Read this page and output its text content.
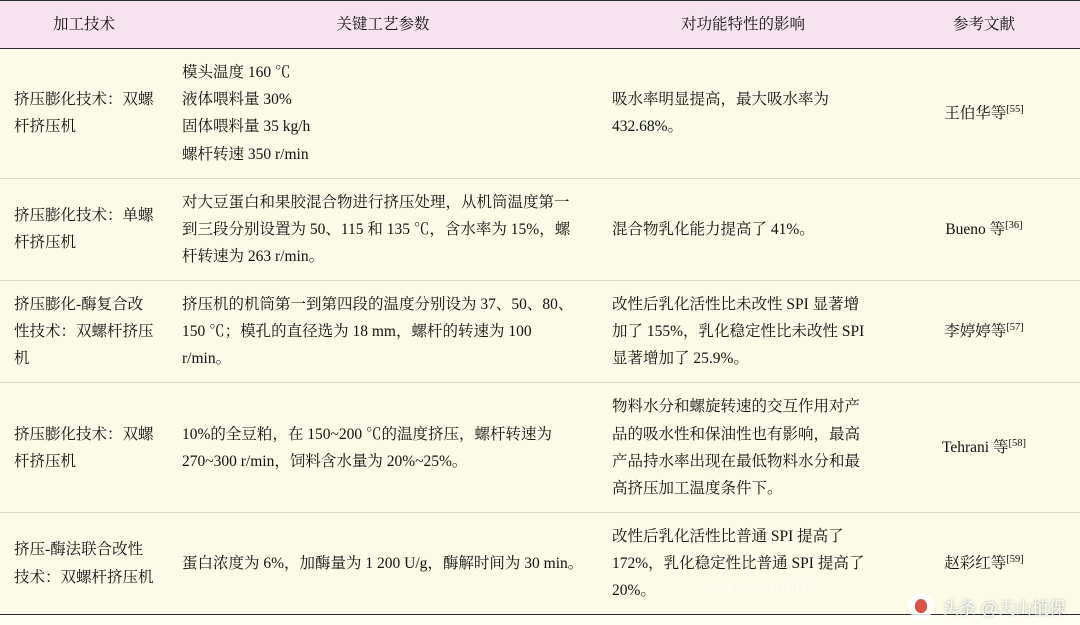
加工技术	关键工艺参数	对功能特性的影响	参考文献
挤压膨化技术：双螺杆挤压机	模头温度 160 ℃
液体喂料量 30%
固体喂料量 35 kg/h
螺杆转速 350 r/min	吸水率明显提高，最大吸水率为 432.68%。	王伯华等[55]
挤压膨化技术：单螺杆挤压机	对大豆蛋白和果胶混合物进行挤压处理，从机筒温度第一到三段分别设置为 50、115 和 135 ℃，含水率为 15%，螺杆转速为 263 r/min。	混合物乳化能力提高了 41%。	Bueno 等[36]
挤压膨化-酶复合改性技术：双螺杆挤压机	挤压机的机筒第一到第四段的温度分别设为 37、50、80、150 ℃；模孔的直径选为 18 mm，螺杆的转速为 100 r/min。	改性后乳化活性比未改性 SPI 显著增加了 155%，乳化稳定性比未改性 SPI 显著增加了 25.9%。	李婷婷等[57]
挤压膨化技术：双螺杆挤压机	10%的全豆粕，在 150~200 ℃的温度挤压，螺杆转速为 270~300 r/min，饲料含水量为 20%~25%。	物料水分和螺旋转速的交互作用对产品的吸水性和保油性也有影响，最高产品持水率出现在最低物料水分和最高挤压加工温度条件下。	Tehrani 等[58]
挤压-酶法联合改性技术：双螺杆挤压机	蛋白浓度为 6%，加酶量为 1 200 U/g，酶解时间为 30 min。	改性后乳化活性比普通 SPI 提高了 172%，乳化稳定性比普通 SPI 提高了 20%。	赵彩红等[59]
头条 @天山植保
头条 @天山植保
